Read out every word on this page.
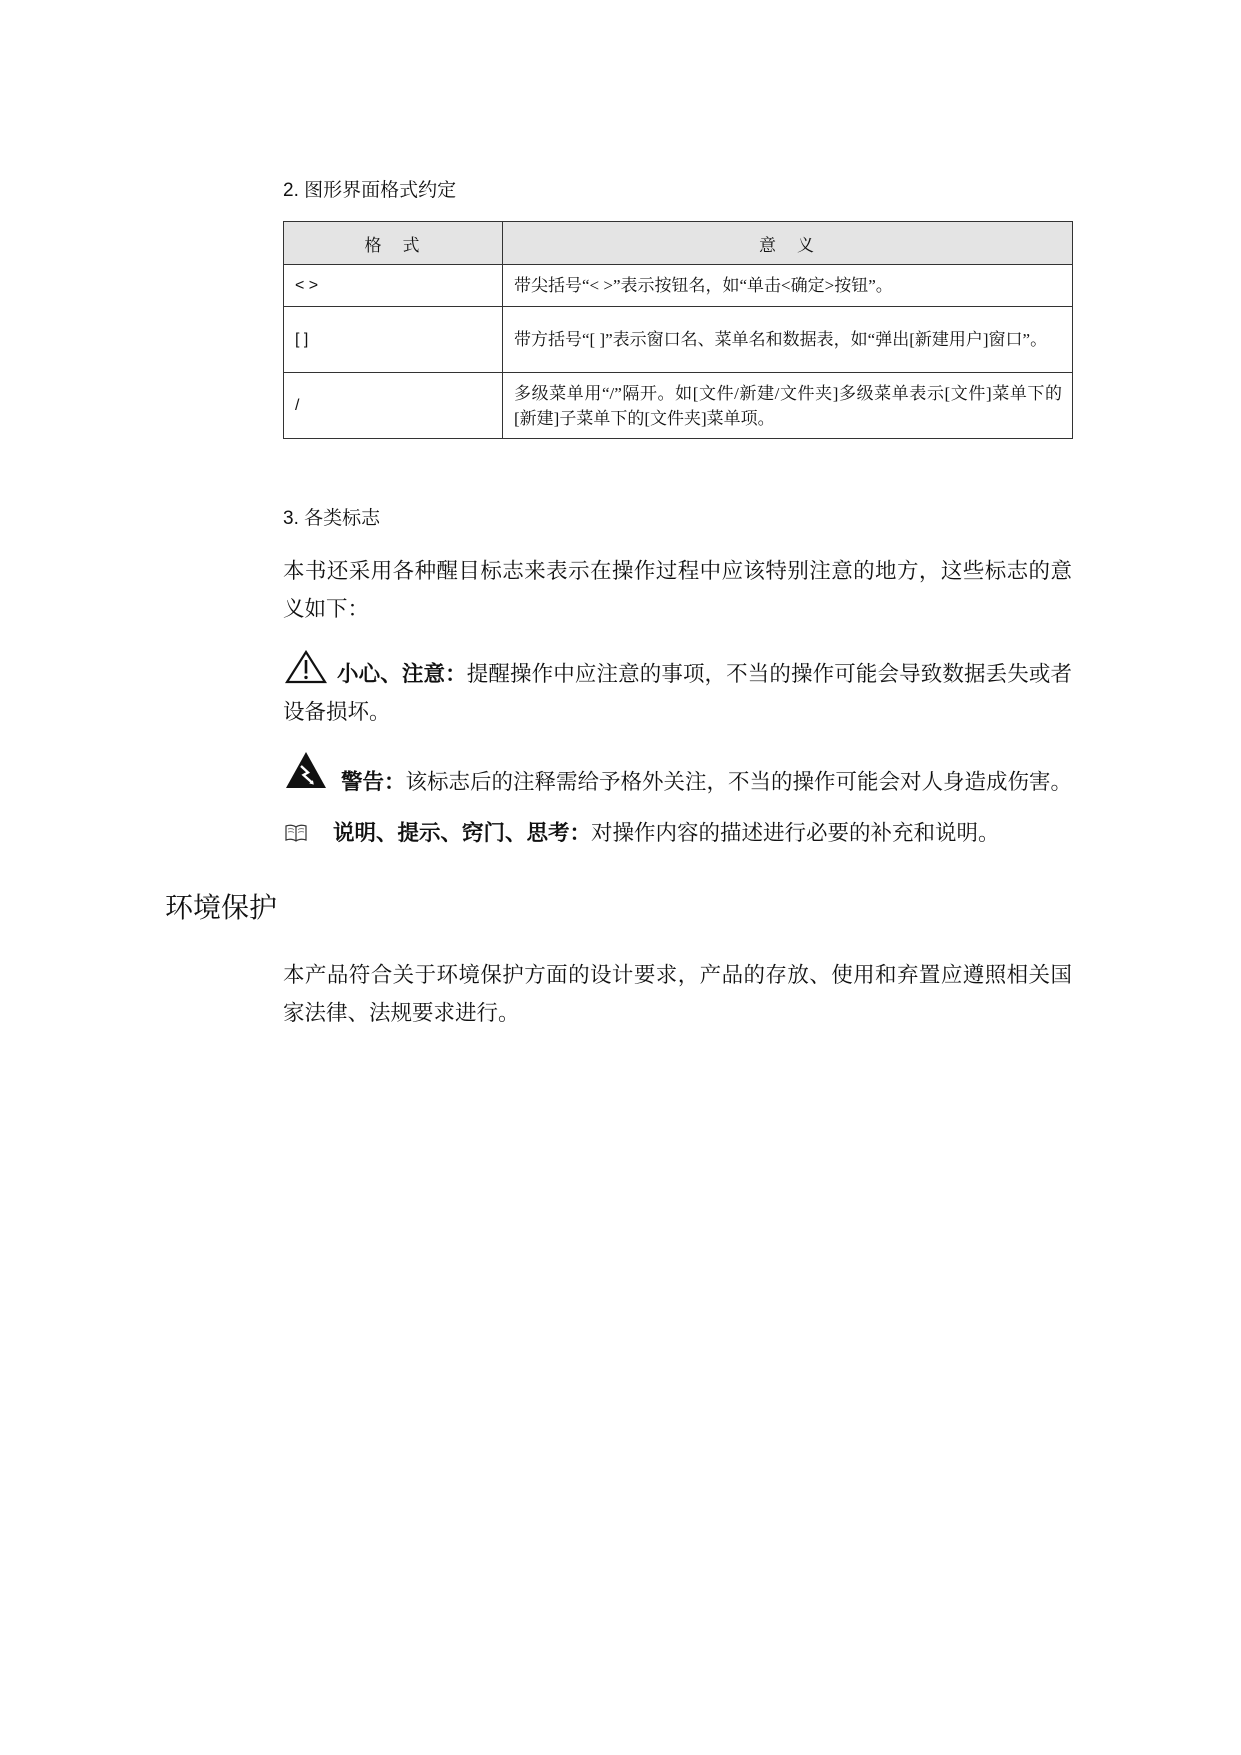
2. 图形界面格式约定
格　式	意　义
< >	带尖括号“< >”表示按钮名，如“单击<确定>按钮”。
[ ]	带方括号“[ ]”表示窗口名、菜单名和数据表，如“弹出[新建用户]窗口”。
/	多级菜单用“/”隔开。如[文件/新建/文件夹]多级菜单表示[文件]菜单下的[新建]子菜单下的[文件夹]菜单项。
3. 各类标志

本书还采用各种醒目标志来表示在操作过程中应该特别注意的地方，这些标志的意义如下：

小心、注意：提醒操作中应注意的事项，不当的操作可能会导致数据丢失或者设备损坏。

警告：该标志后的注释需给予格外关注，不当的操作可能会对人身造成伤害。

说明、提示、窍门、思考：对操作内容的描述进行必要的补充和说明。

环境保护

本产品符合关于环境保护方面的设计要求，产品的存放、使用和弃置应遵照相关国家法律、法规要求进行。
